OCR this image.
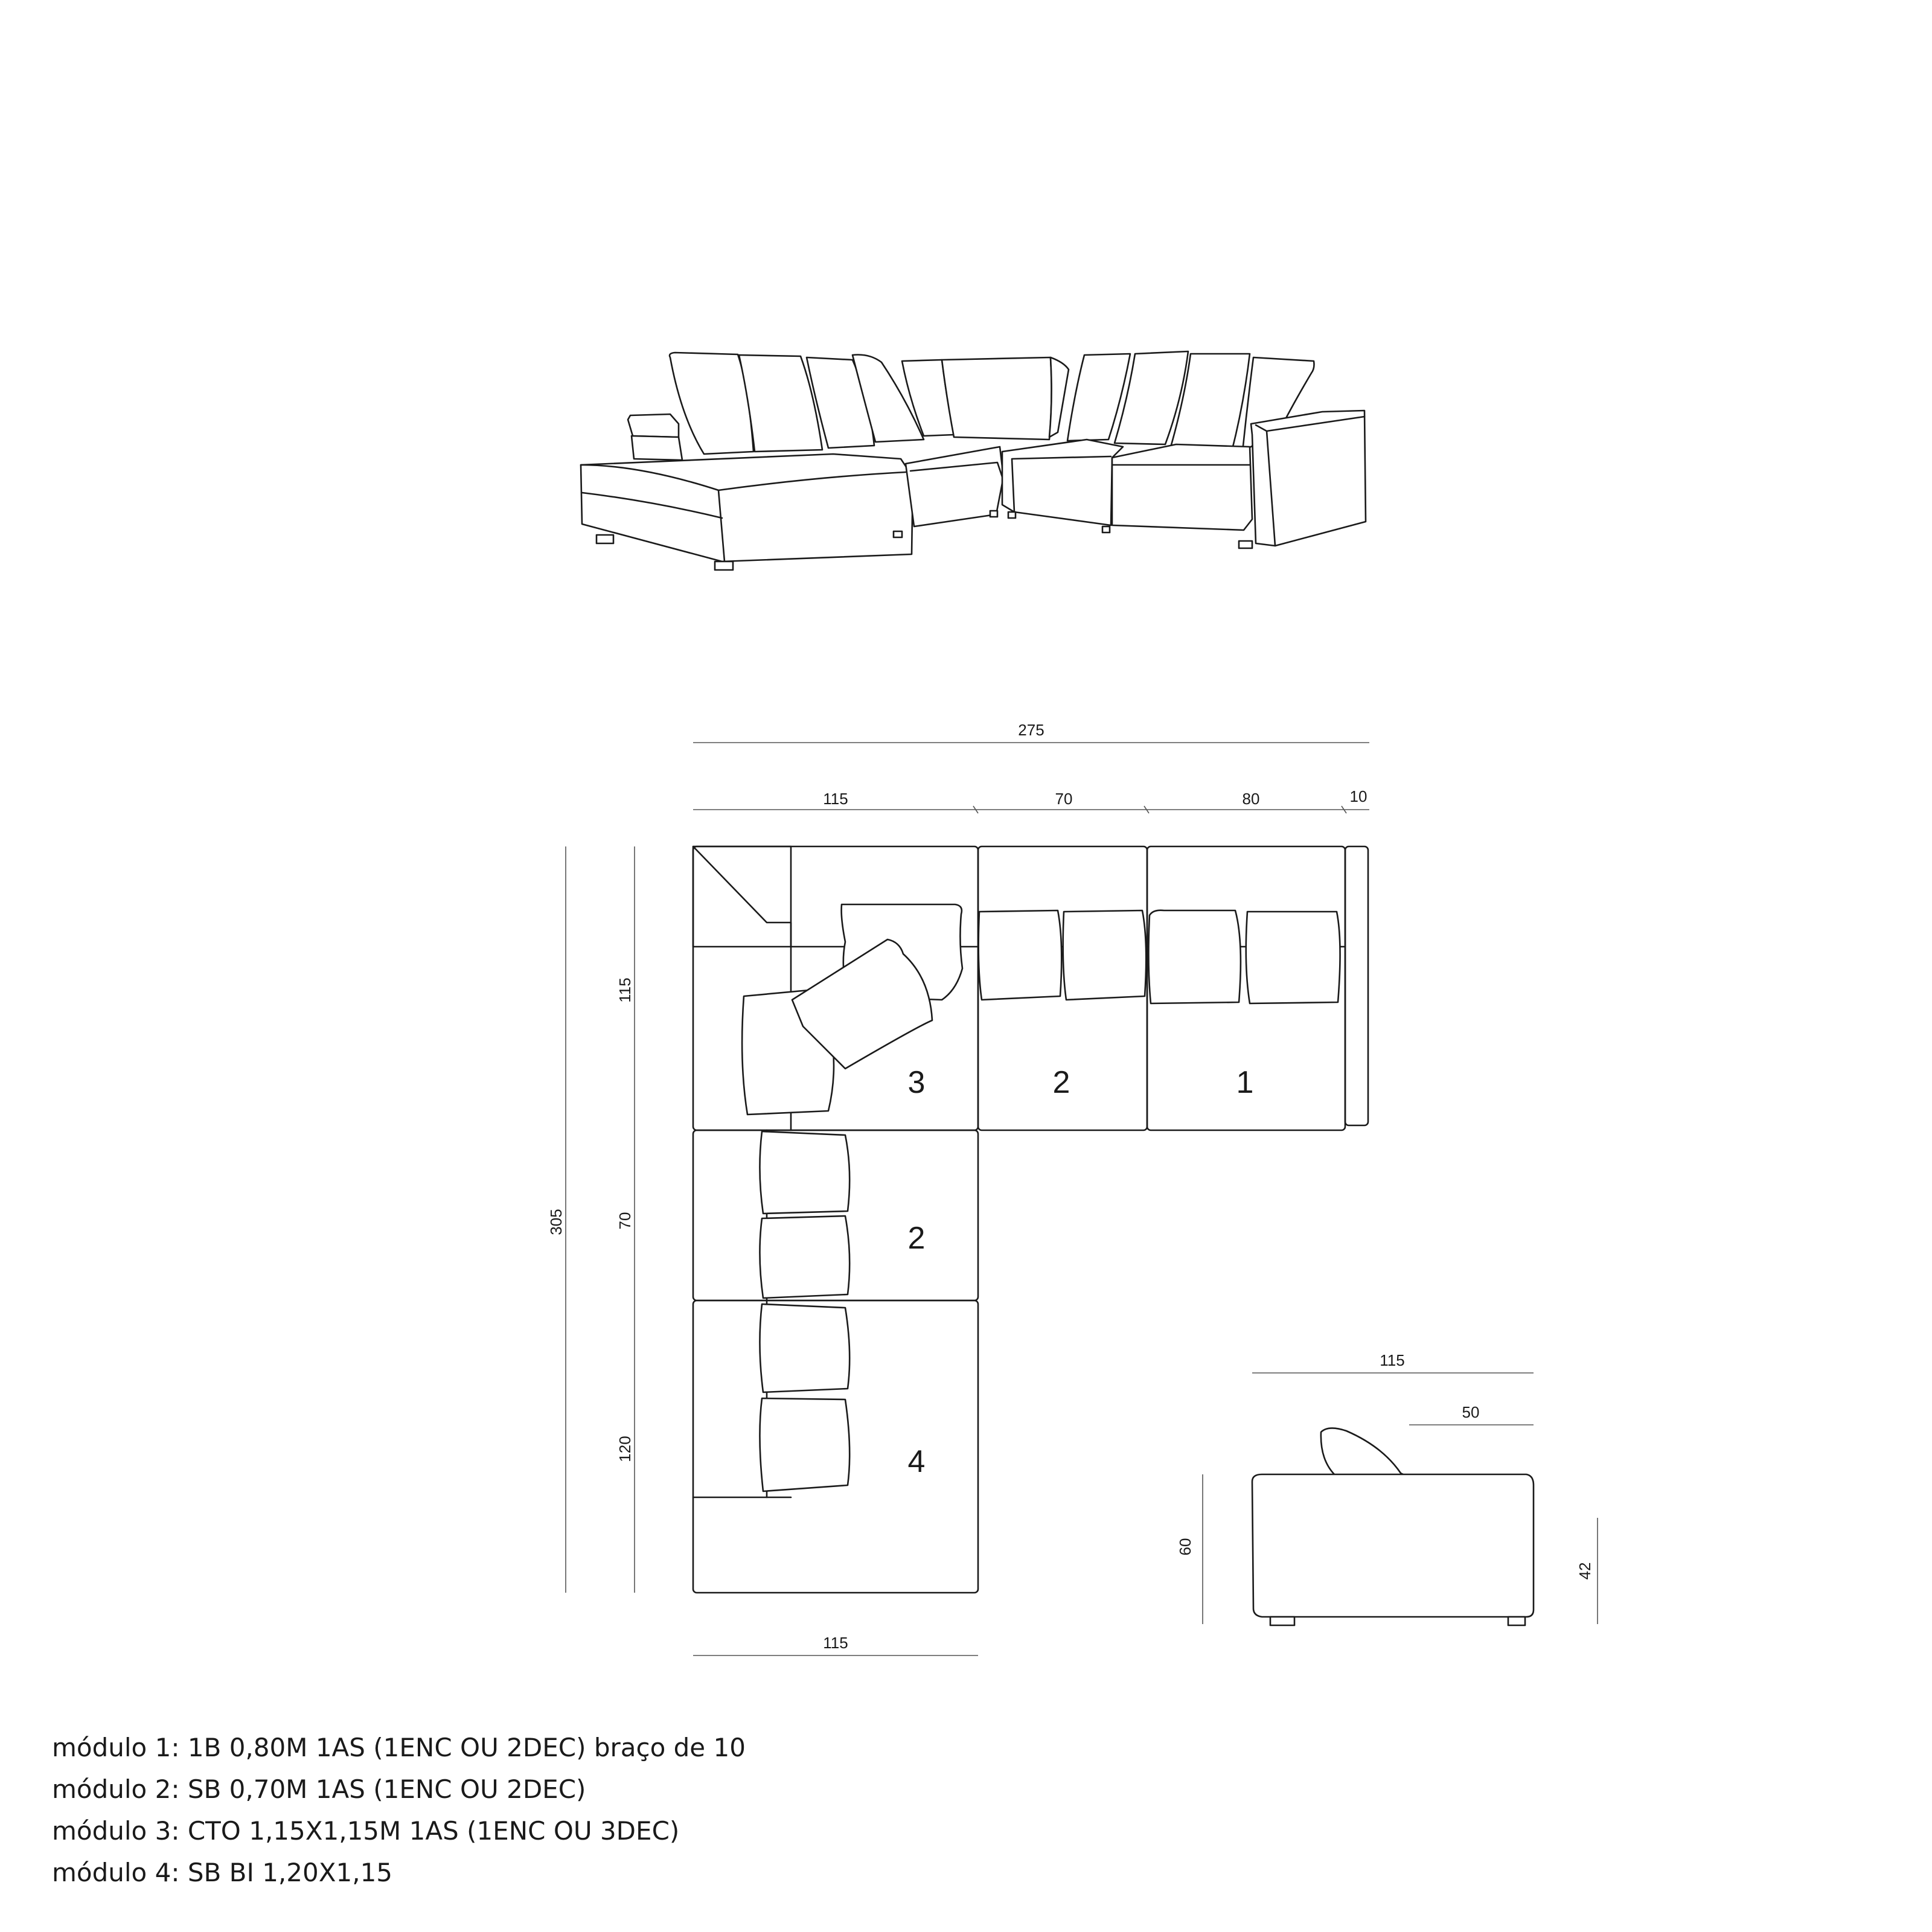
275
115	70	80	10
305
115
70
120
115
3	2	1
2
4
115
50
60
42
módulo 1: 1B 0,80M 1AS (1ENC OU 2DEC) braço de 10
módulo 2: SB 0,70M 1AS (1ENC OU 2DEC)
módulo 3: CTO 1,15X1,15M 1AS (1ENC OU 3DEC)
módulo 4: SB BI 1,20X1,15
